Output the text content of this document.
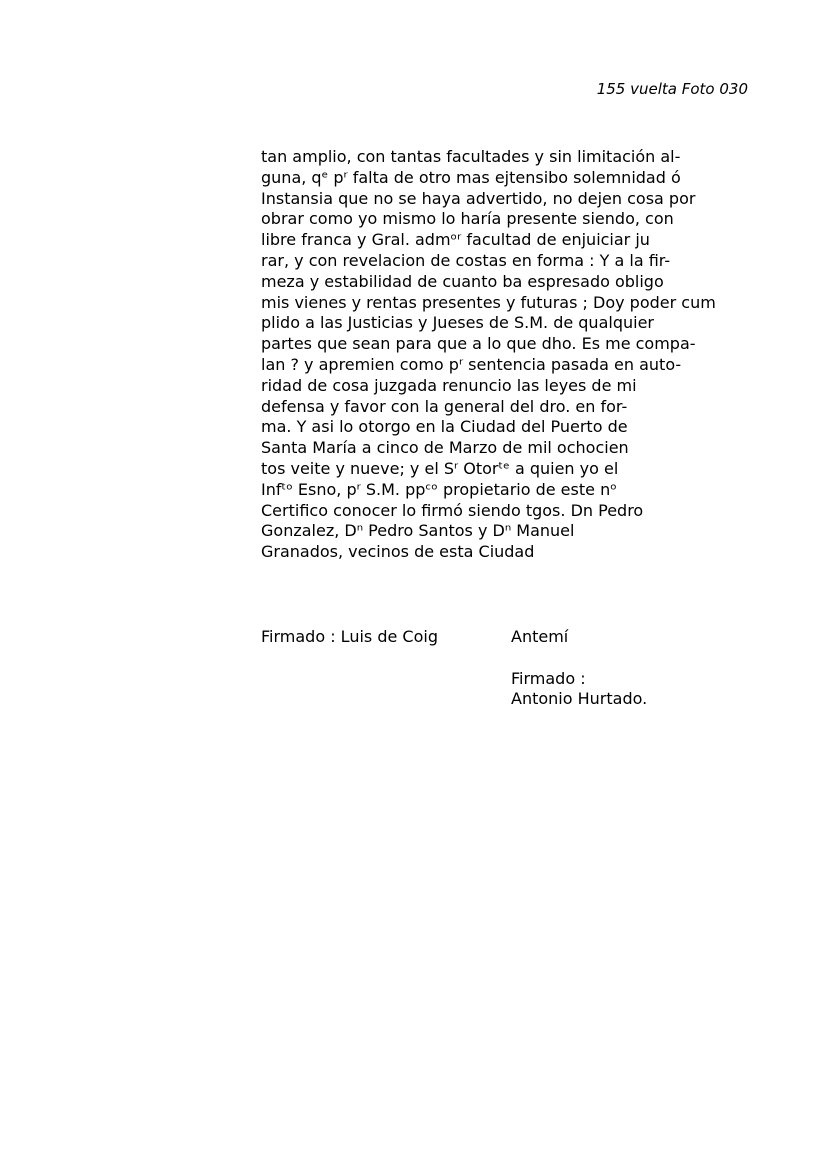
155 vuelta Foto 030
tan amplio, con tantas facultades y sin limitación al-
guna, qᵉ pʳ falta de otro mas ejtensibo solemnidad ó
Instansia que no se haya advertido, no dejen cosa por
obrar como yo mismo lo haría presente siendo, con
libre franca y Gral. admᵒʳ facultad de enjuiciar ju
rar, y con revelacion de costas en forma : Y a la fir-
meza y estabilidad de cuanto ba espresado obligo
mis vienes y rentas presentes y futuras ; Doy poder cum
plido a las Justicias y Jueses de S.M. de qualquier
partes que sean para que a lo que dho. Es me compa-
lan ? y apremien como pʳ sentencia pasada en auto-
ridad de cosa juzgada renuncio las leyes de mi
defensa y favor con la general del dro. en for-
ma. Y asi lo otorgo en la Ciudad del Puerto de
Santa María a cinco de Marzo de mil ochocien
tos veite y nueve; y el Sʳ Otorᵗᵉ a quien yo el
Infᵗᵒ Esno, pʳ S.M. ppᶜᵒ propietario de este nᵒ
Certifico conocer lo firmó siendo tgos. Dn Pedro
Gonzalez, Dⁿ Pedro Santos y Dⁿ Manuel
Granados, vecinos de esta Ciudad
Firmado : Luis de Coig	Antemí
Firmado :
Antonio Hurtado.
